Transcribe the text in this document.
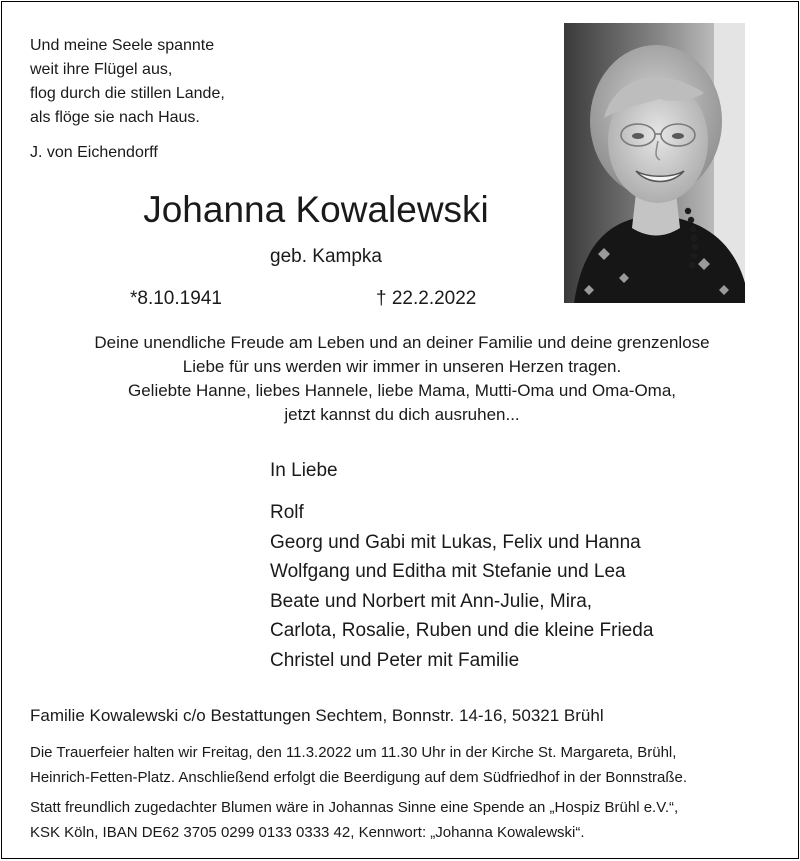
Und meine Seele spannte
weit ihre Flügel aus,
flog durch die stillen Lande,
als flöge sie nach Haus.
J. von Eichendorff
Johanna Kowalewski
geb. Kampka
*8.10.1941	† 22.2.2022
Deine unendliche Freude am Leben und an deiner Familie und deine grenzenlose
Liebe für uns werden wir immer in unseren Herzen tragen.
Geliebte Hanne, liebes Hannele, liebe Mama, Mutti-Oma und Oma-Oma,
jetzt kannst du dich ausruhen...
In Liebe
Rolf
Georg und Gabi mit Lukas, Felix und Hanna
Wolfgang und Editha mit Stefanie und Lea
Beate und Norbert mit Ann-Julie, Mira,
Carlota, Rosalie, Ruben und die kleine Frieda
Christel und Peter mit Familie
Familie Kowalewski c/o Bestattungen Sechtem, Bonnstr. 14-16, 50321 Brühl
Die Trauerfeier halten wir Freitag, den 11.3.2022 um 11.30 Uhr in der Kirche St. Margareta, Brühl,
Heinrich-Fetten-Platz. Anschließend erfolgt die Beerdigung auf dem Südfriedhof in der Bonnstraße.
Statt freundlich zugedachter Blumen wäre in Johannas Sinne eine Spende an „Hospiz Brühl e.V.“,
KSK Köln, IBAN DE62 3705 0299 0133 0333 42, Kennwort: „Johanna Kowalewski“.
